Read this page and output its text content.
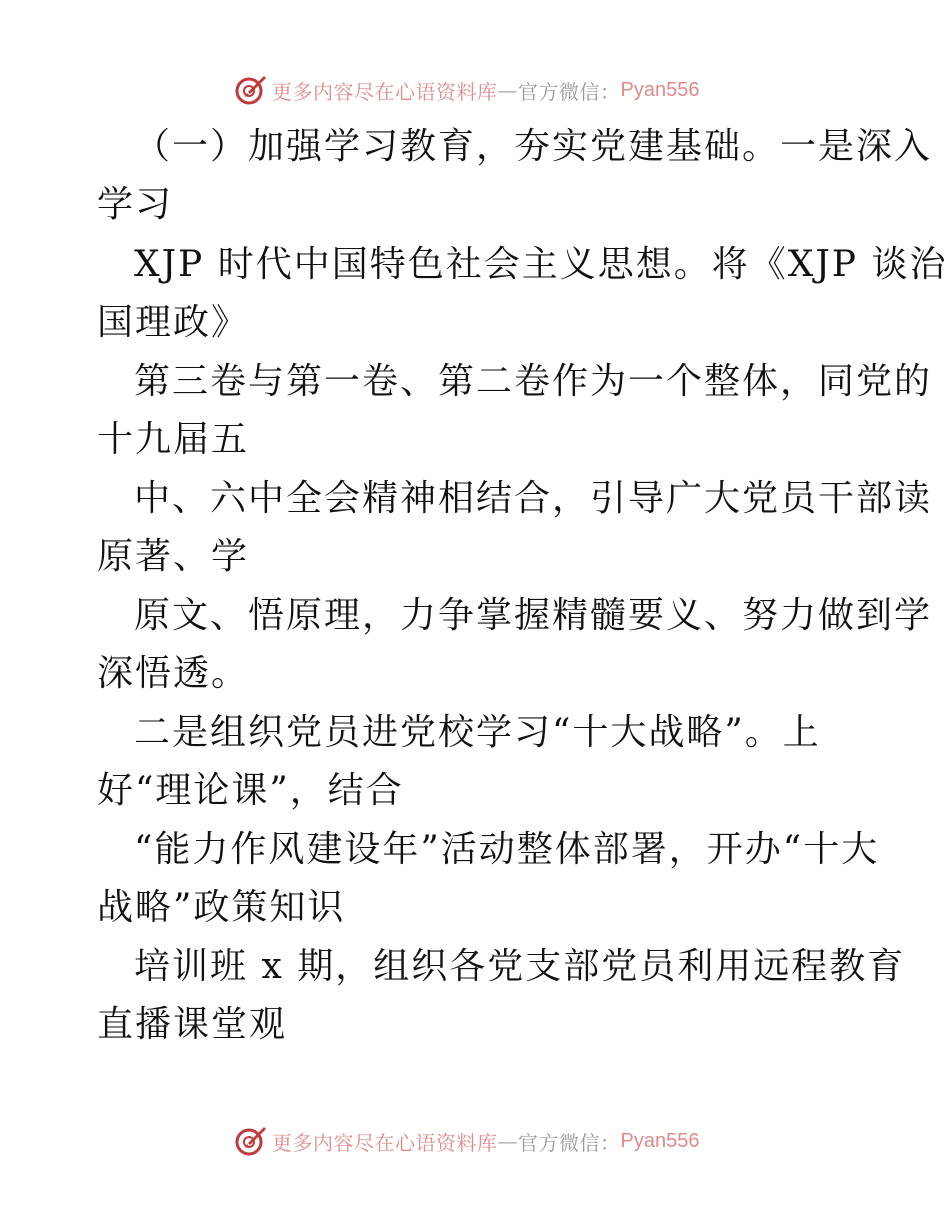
更多内容尽在心语资料库 — 官方微信： Pyan556
（一）加强学习教育，夯实党建基础。一是深入
学习
XJP 时代中国特色社会主义思想。将《XJP 谈治
国理政》
第三卷与第一卷、第二卷作为一个整体，同党的
十九届五
中、六中全会精神相结合，引导广大党员干部读
原著、学
原文、悟原理，力争掌握精髓要义、努力做到学
深悟透。
二是组织党员进党校学习“十大战略”。上
好“理论课”，结合
“能力作风建设年”活动整体部署，开办“十大
战略”政策知识
培训班 x 期，组织各党支部党员利用远程教育
直播课堂观
更多内容尽在心语资料库 — 官方微信： Pyan556
